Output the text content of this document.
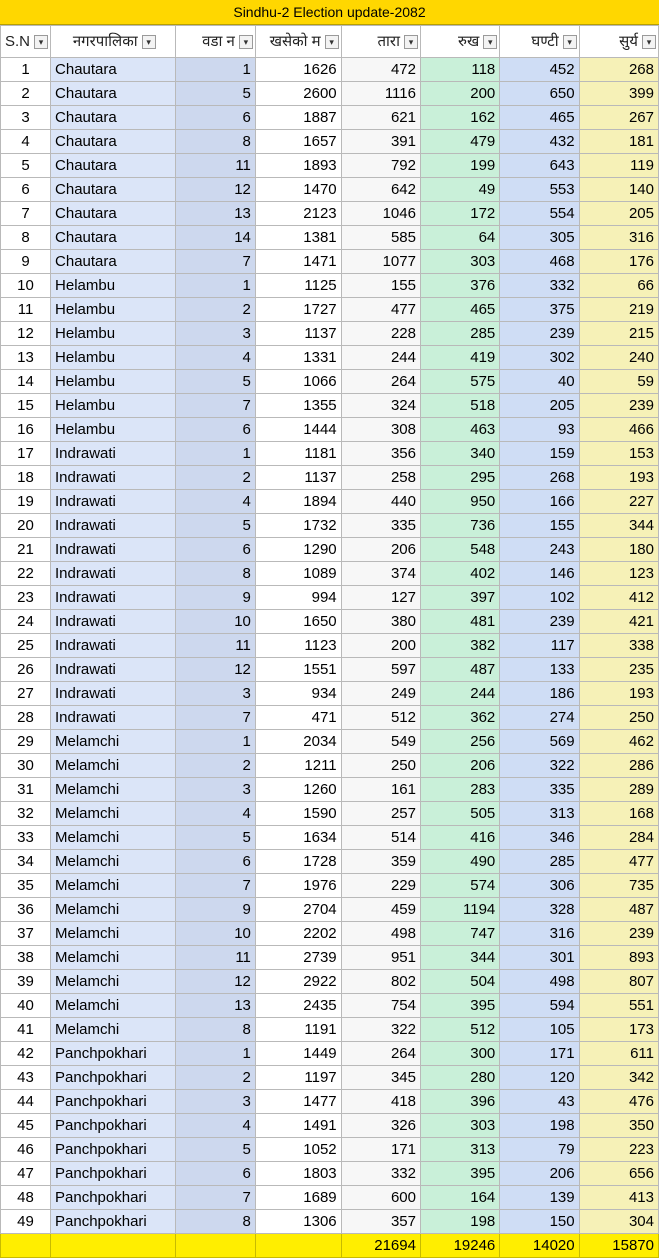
Sindhu-2 Election update-2082
S.N ▾	नगरपालिका ▾	वडा न ▾	खसेको म ▾	तारा ▾	रुख ▾	घण्टी ▾	सुर्य ▾
1	Chautara	1	1626	472	118	452	268
2	Chautara	5	2600	1116	200	650	399
3	Chautara	6	1887	621	162	465	267
4	Chautara	8	1657	391	479	432	181
5	Chautara	11	1893	792	199	643	119
6	Chautara	12	1470	642	49	553	140
7	Chautara	13	2123	1046	172	554	205
8	Chautara	14	1381	585	64	305	316
9	Chautara	7	1471	1077	303	468	176
10	Helambu	1	1125	155	376	332	66
11	Helambu	2	1727	477	465	375	219
12	Helambu	3	1137	228	285	239	215
13	Helambu	4	1331	244	419	302	240
14	Helambu	5	1066	264	575	40	59
15	Helambu	7	1355	324	518	205	239
16	Helambu	6	1444	308	463	93	466
17	Indrawati	1	1181	356	340	159	153
18	Indrawati	2	1137	258	295	268	193
19	Indrawati	4	1894	440	950	166	227
20	Indrawati	5	1732	335	736	155	344
21	Indrawati	6	1290	206	548	243	180
22	Indrawati	8	1089	374	402	146	123
23	Indrawati	9	994	127	397	102	412
24	Indrawati	10	1650	380	481	239	421
25	Indrawati	11	1123	200	382	117	338
26	Indrawati	12	1551	597	487	133	235
27	Indrawati	3	934	249	244	186	193
28	Indrawati	7	471	512	362	274	250
29	Melamchi	1	2034	549	256	569	462
30	Melamchi	2	1211	250	206	322	286
31	Melamchi	3	1260	161	283	335	289
32	Melamchi	4	1590	257	505	313	168
33	Melamchi	5	1634	514	416	346	284
34	Melamchi	6	1728	359	490	285	477
35	Melamchi	7	1976	229	574	306	735
36	Melamchi	9	2704	459	1194	328	487
37	Melamchi	10	2202	498	747	316	239
38	Melamchi	11	2739	951	344	301	893
39	Melamchi	12	2922	802	504	498	807
40	Melamchi	13	2435	754	395	594	551
41	Melamchi	8	1191	322	512	105	173
42	Panchpokhari	1	1449	264	300	171	611
43	Panchpokhari	2	1197	345	280	120	342
44	Panchpokhari	3	1477	418	396	43	476
45	Panchpokhari	4	1491	326	303	198	350
46	Panchpokhari	5	1052	171	313	79	223
47	Panchpokhari	6	1803	332	395	206	656
48	Panchpokhari	7	1689	600	164	139	413
49	Panchpokhari	8	1306	357	198	150	304
				21694	19246	14020	15870
